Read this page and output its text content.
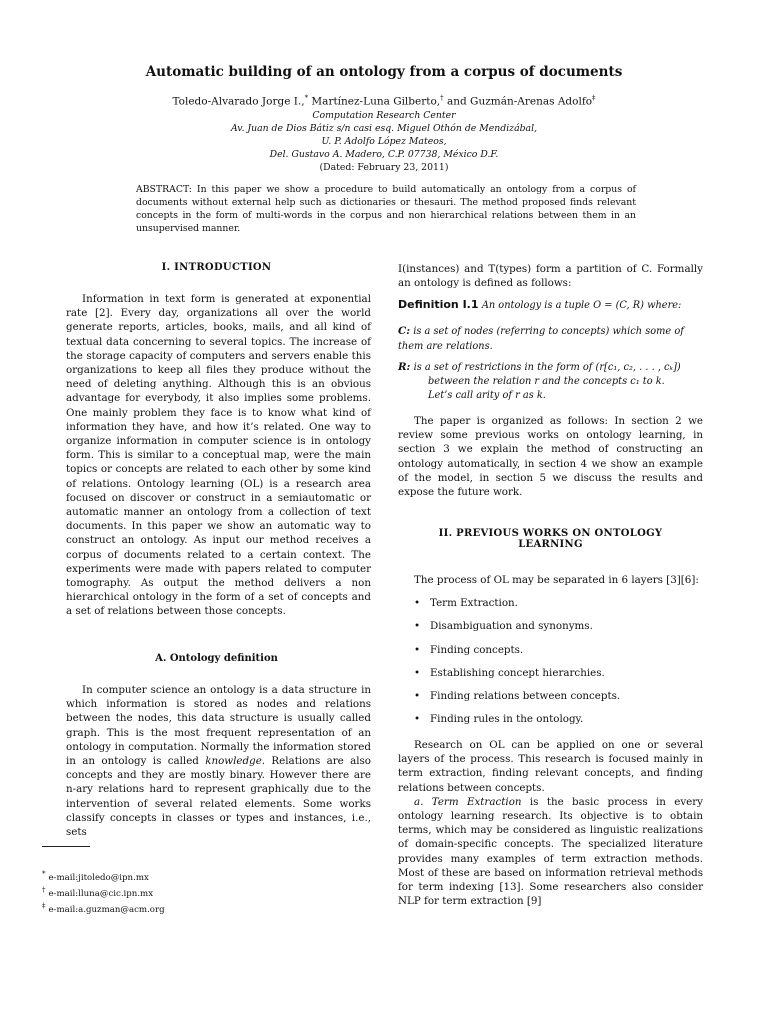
Automatic building of an ontology from a corpus of documents
Toledo-Alvarado Jorge I.,* Martínez-Luna Gilberto,† and Guzmán-Arenas Adolfo‡
Computation Research Center
Av. Juan de Dios Bátiz s/n casi esq. Miguel Othón de Mendizábal,
U. P. Adolfo López Mateos,
Del. Gustavo A. Madero, C.P. 07738, México D.F.
(Dated: February 23, 2011)
ABSTRACT: In this paper we show a procedure to build automatically an ontology from a corpus of documents without external help such as dictionaries or thesauri. The method proposed finds relevant concepts in the form of multi-words in the corpus and non hierarchical relations between them in an unsupervised manner.
I. INTRODUCTION

Information in text form is generated at exponential rate [2]. Every day, organizations all over the world generate reports, articles, books, mails, and all kind of textual data concerning to several topics. The increase of the storage capacity of computers and servers enable this organizations to keep all files they produce without the need of deleting anything. Although this is an obvious advantage for everybody, it also implies some problems. One mainly problem they face is to know what kind of information they have, and how it’s related. One way to organize information in computer science is in ontology form. This is similar to a conceptual map, were the main topics or concepts are related to each other by some kind of relations. Ontology learning (OL) is a research area focused on discover or construct in a semiautomatic or automatic manner an ontology from a collection of text documents. In this paper we show an automatic way to construct an ontology. As input our method receives a corpus of documents related to a certain context. The experiments were made with papers related to computer tomography. As output the method delivers a non hierarchical ontology in the form of a set of concepts and a set of relations between those concepts.

A. Ontology definition

In computer science an ontology is a data structure in which information is stored as nodes and relations between the nodes, this data structure is usually called graph. This is the most frequent representation of an ontology in computation. Normally the information stored in an ontology is called knowledge. Relations are also concepts and they are mostly binary. However there are n-ary relations hard to represent graphically due to the intervention of several related elements. Some works classify concepts in classes or types and instances, i.e., sets

* e-mail:jitoledo@ipn.mx
† e-mail:lluna@cic.ipn.mx
‡ e-mail:a.guzman@acm.org

I(instances) and T(types) form a partition of C. Formally an ontology is defined as follows:

Definition I.1 An ontology is a tuple O = (C, R) where:
C: is a set of nodes (referring to concepts) which some of them are relations.
R: is a set of restrictions in the form of (r[c₁, c₂, . . . , cₖ])
between the relation r and the concepts c₁ to k.
Let’s call arity of r as k.

The paper is organized as follows: In section 2 we review some previous works on ontology learning, in section 3 we explain the method of constructing an ontology automatically, in section 4 we show an example of the model, in section 5 we discuss the results and expose the future work.

II. PREVIOUS WORKS ON ONTOLOGY
LEARNING

The process of OL may be separated in 6 layers [3][6]:

• Term Extraction.
• Disambiguation and synonyms.
• Finding concepts.
• Establishing concept hierarchies.
• Finding relations between concepts.
• Finding rules in the ontology.

Research on OL can be applied on one or several layers of the process. This research is focused mainly in term extraction, finding relevant concepts, and finding relations between concepts.

a. Term Extraction is the basic process in every ontology learning research. Its objective is to obtain terms, which may be considered as linguistic realizations of domain-specific concepts. The specialized literature provides many examples of term extraction methods. Most of these are based on information retrieval methods for term indexing [13]. Some researchers also consider NLP for term extraction [9]
